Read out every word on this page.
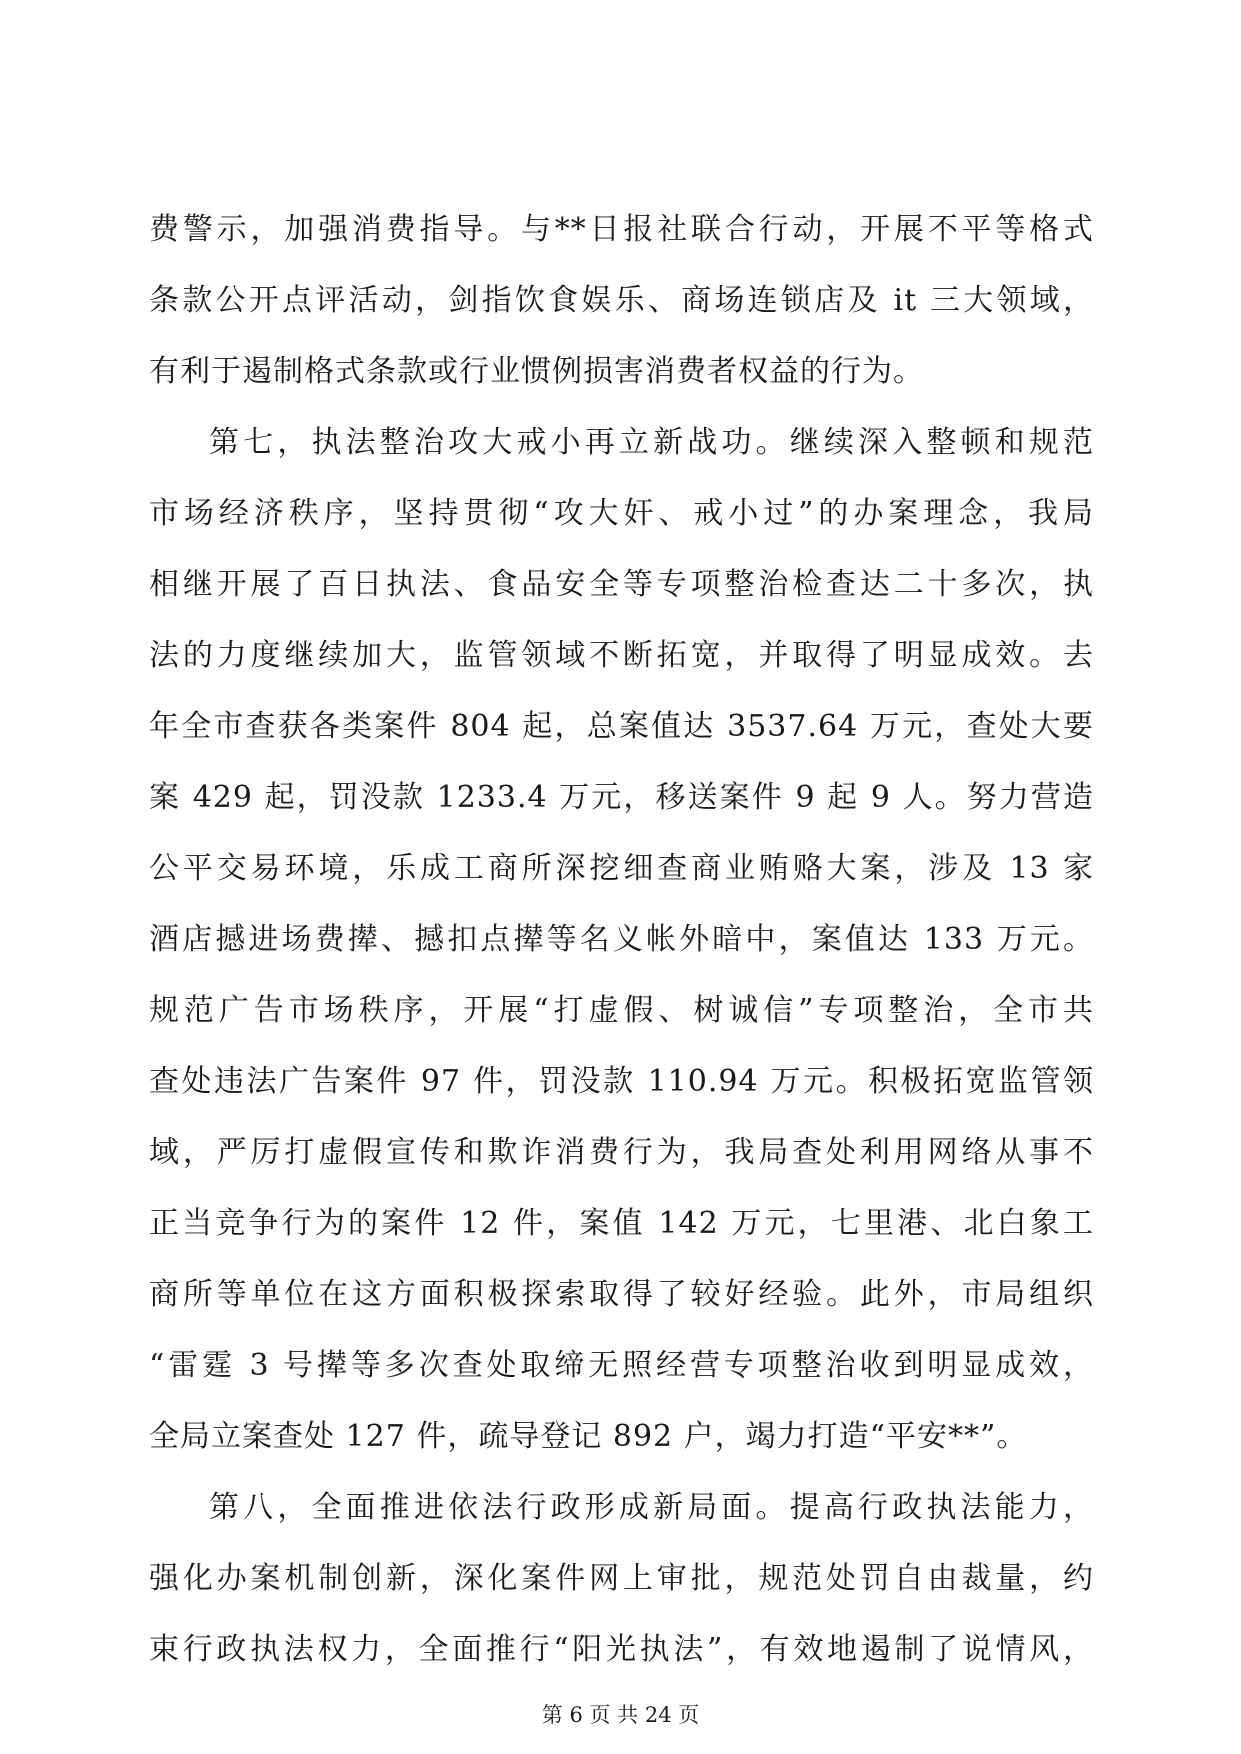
费警示，加强消费指导。与**日报社联合行动，开展不平等格式
条款公开点评活动，剑指饮食娱乐、商场连锁店及 it 三大领域，
有利于遏制格式条款或行业惯例损害消费者权益的行为。
第七，执法整治攻大戒小再立新战功。继续深入整顿和规范
市场经济秩序，坚持贯彻“攻大奸、戒小过”的办案理念，我局
相继开展了百日执法、食品安全等专项整治检查达二十多次，执
法的力度继续加大，监管领域不断拓宽，并取得了明显成效。去
年全市查获各类案件 804 起，总案值达 3537.64 万元，查处大要
案 429 起，罚没款 1233.4 万元，移送案件 9 起 9 人。努力营造
公平交易环境，乐成工商所深挖细查商业贿赂大案，涉及 13 家
酒店撼进场费撵、撼扣点撵等名义帐外暗中，案值达 133 万元。
规范广告市场秩序，开展“打虚假、树诚信”专项整治，全市共
查处违法广告案件 97 件，罚没款 110.94 万元。积极拓宽监管领
域，严厉打虚假宣传和欺诈消费行为，我局查处利用网络从事不
正当竞争行为的案件 12 件，案值 142 万元，七里港、北白象工
商所等单位在这方面积极探索取得了较好经验。此外，市局组织
“雷霆 3 号撵等多次查处取缔无照经营专项整治收到明显成效，
全局立案查处 127 件，疏导登记 892 户，竭力打造“平安**”。
第八，全面推进依法行政形成新局面。提高行政执法能力，
强化办案机制创新，深化案件网上审批，规范处罚自由裁量，约
束行政执法权力，全面推行“阳光执法”，有效地遏制了说情风，
第 6 页 共 24 页
